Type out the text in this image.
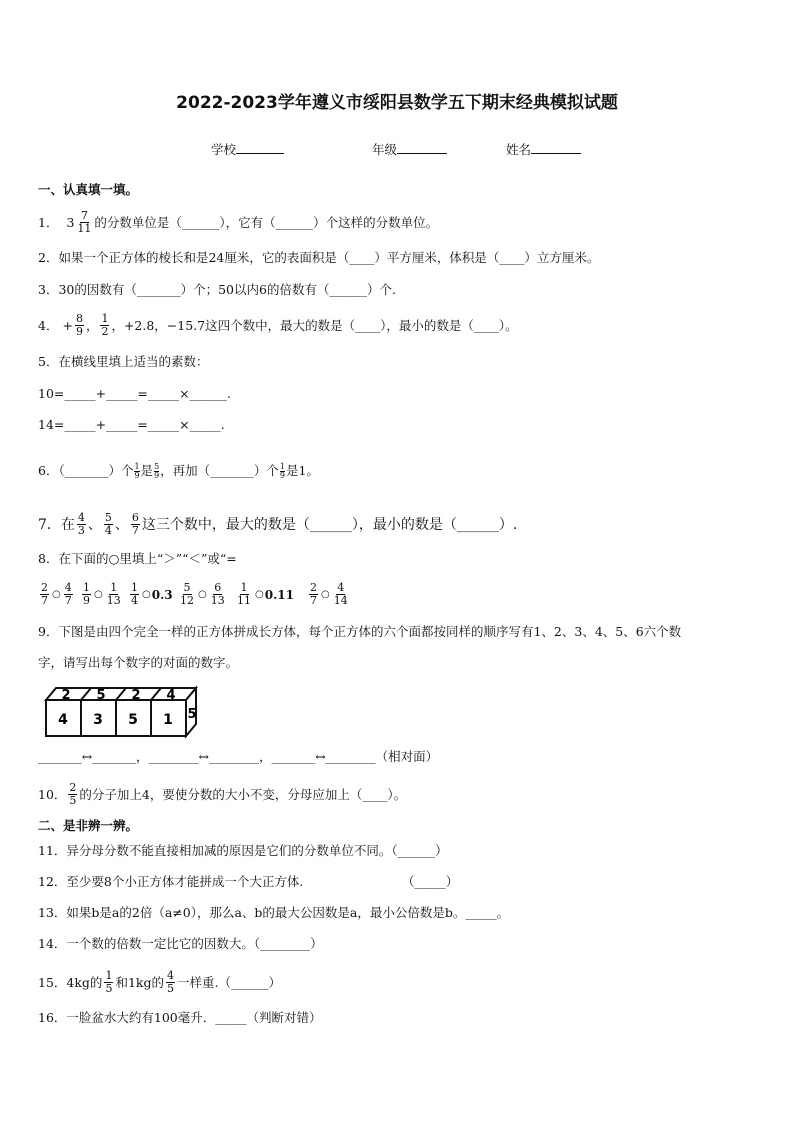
2022-2023学年遵义市绥阳县数学五下期末经典模拟试题
学校	年级	姓名
一、认真填一填。
1． $3 \frac{7}{11}$ 的分数单位是（______），它有（______）个这样的分数单位。
2．如果一个正方体的棱长和是24厘米，它的表面积是（____）平方厘米，体积是（____）立方厘米。
3．30的因数有（_______）个；50以内6的倍数有（______）个.
4． + $\frac{8}{9}$ ， $\frac{1}{2}$ ，+2.8，−15.7这四个数中，最大的数是（____），最小的数是（____）。
5．在横线里填上适当的素数：
10=_____+_____=_____×______.
14=_____+_____=_____×_____.
6．（_______）个 1
9 是 5
9 ，再加（_______）个 1
9 是1。
7．在 $\frac{4}{3}$ 、 $\frac{5}{4}$ 、 $\frac{6}{7}$ 这三个数中，最大的数是（______），最小的数是（______）.
8．在下面的○里填上“＞”“＜”或“=
$\frac{2}{7}$ ○ $\frac{4}{7} \frac{1}{9}$ ○ $\frac{1}{13} \frac{1}{4}$ ○ $0.3 \frac{5}{12}$ ○ $\frac{6}{13} \frac{1}{11}$ ○ $0.11 \frac{2}{7}$ ○ $\frac{4}{14}$
9．下图是由四个完全一样的正方体拼成长方体，每个正方体的六个面都按同样的顺序写有1、2、3、4、5、6六个数
字，请写出每个数字的对面的数字。
2 5 2 4
4 3 5 1 5
_______↔_______，________↔________，_______↔________（相对面）
10． $\frac{2}{5}$ 的分子加上4，要使分数的大小不变，分母应加上（____）。
二、是非辨一辨。
11．异分母分数不能直接相加减的原因是它们的分数单位不同。（______）
12．至少要8个小正方体才能拼成一个大正方体.	（_____）
13．如果b是a的2倍（a≠0），那么a、b的最大公因数是a，最小公倍数是b。_____。
14．一个数的倍数一定比它的因数大。（________）
15．4kg的 $\frac{1}{5}$ 和1kg的 $\frac{4}{5}$ 一样重.（______）
16．一脸盆水大约有100毫升．_____（判断对错）
